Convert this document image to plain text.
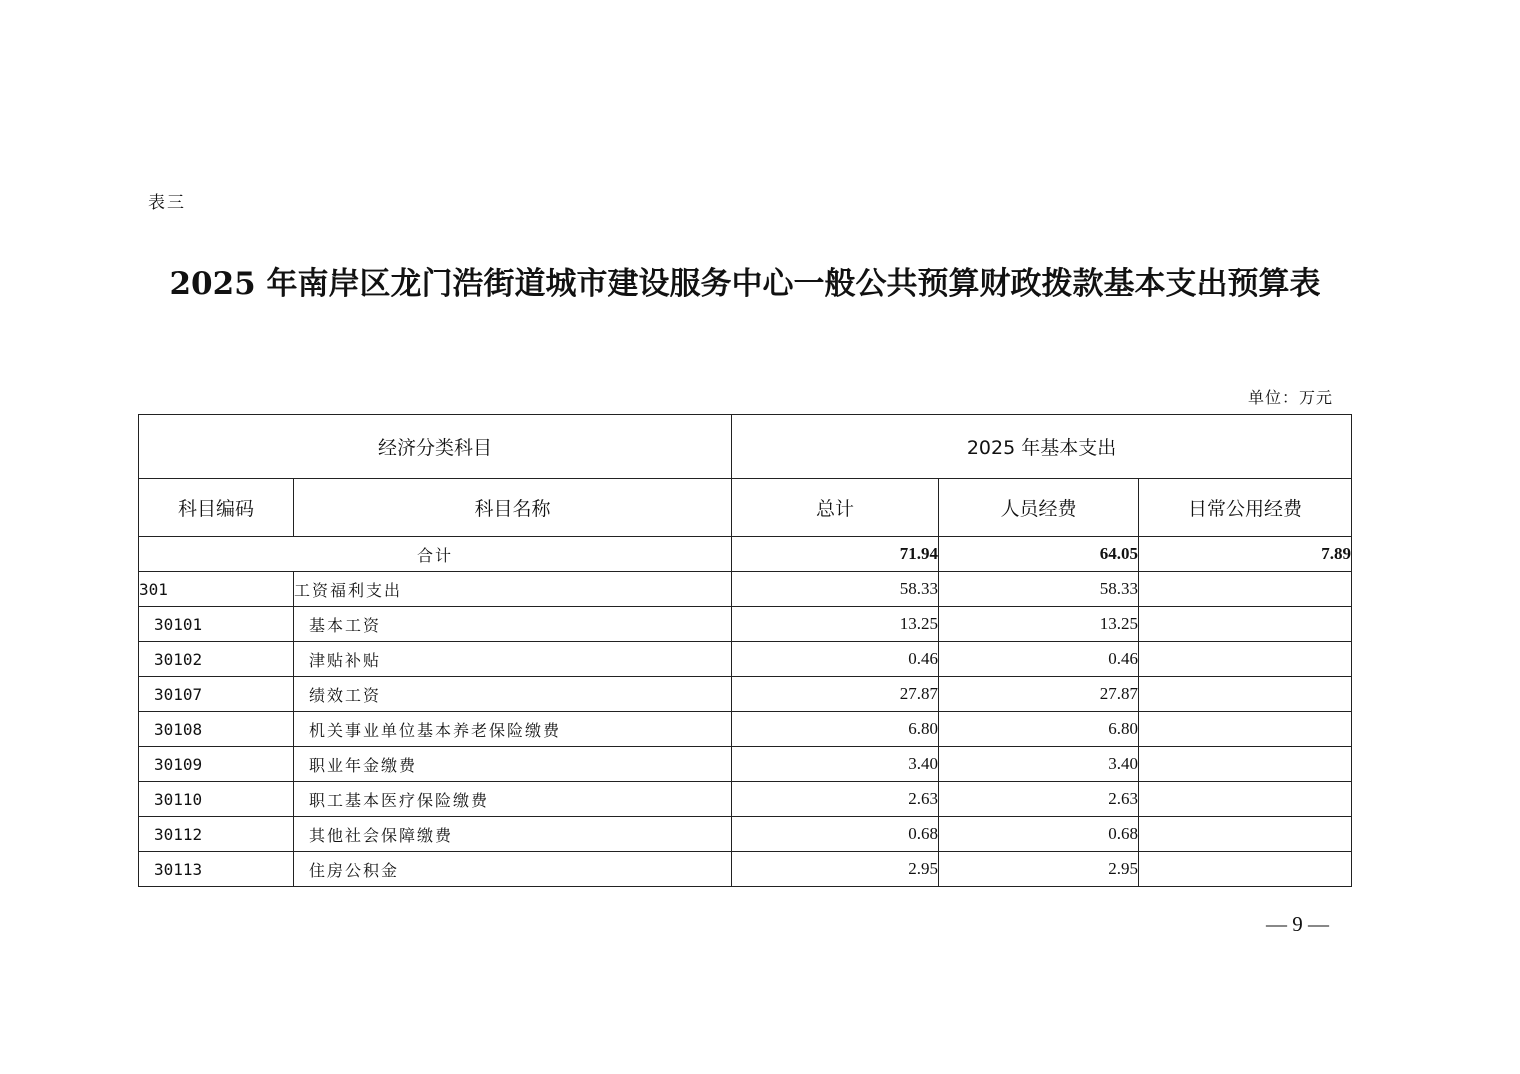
表三
2025 年南岸区龙门浩街道城市建设服务中心一般公共预算财政拨款基本支出预算表
单位：万元
经济分类科目		2025 年基本支出		
科目编码	科目名称	总计	人员经费	日常公用经费
合计		71.94	64.05	7.89
301	工资福利支出	58.33	58.33	
30101	基本工资	13.25	13.25	
30102	津贴补贴	0.46	0.46	
30107	绩效工资	27.87	27.87	
30108	机关事业单位基本养老保险缴费	6.80	6.80	
30109	职业年金缴费	3.40	3.40	
30110	职工基本医疗保险缴费	2.63	2.63	
30112	其他社会保障缴费	0.68	0.68	
30113	住房公积金	2.95	2.95	
— 9 —
